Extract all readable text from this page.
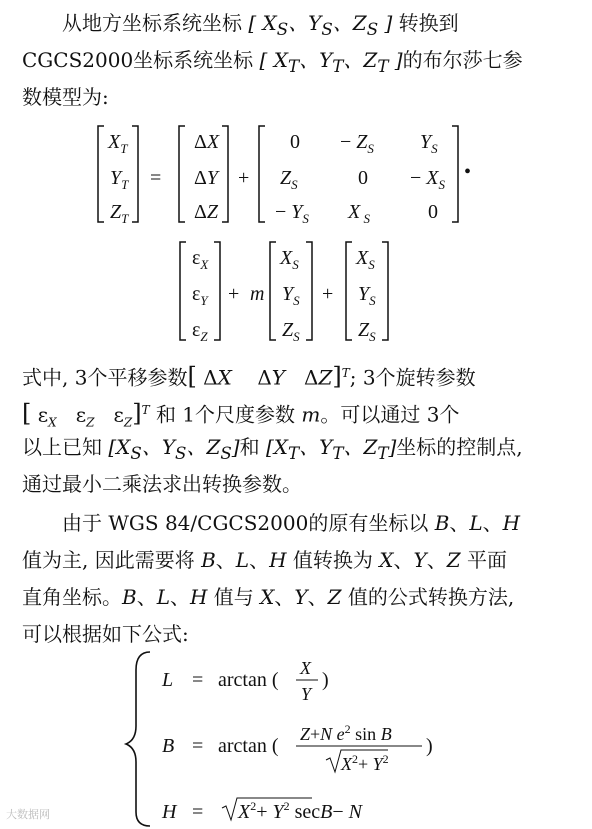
从地方坐标系统坐标 [ $X_S$、$Y_S$、$Z_S$ ] 转换到
CGCS2000坐标系统坐标 [ $X_T$、$Y_T$、$Z_T$ ]的布尔莎七参
数模型为:
$X_T$
$Y_T$
$Z_T$
=
ΔX
ΔY
ΔZ
+
$0 - Z_S$ $Y_S$
$Z_S$	$0 - X_S$
− $Y_S$ X $_S$	0
•
$\varepsilon_X$
$\varepsilon_Y$
$\varepsilon_Z$
+ m
$X_S$
$Y_S$
$Z_S$
+
$X_S$
$Y_S$
$Z_S$
式中, 3个平移参数[ ΔX    ΔY   ΔZ]$^T$; 3个旋转参数
[ $\varepsilon_X$   $\varepsilon_Z$   $\varepsilon_Z]^T$ 和 1个尺度参数 m。可以通过 3个
以上已知 [$X_S$、$Y_S$、$Z_S$]和 [$X_T$、$Y_T$、$Z_T$]坐标的控制点,
通过最小二乘法求出转换参数。
由于 WGS 84/CGCS2000的原有坐标以 B、L、H
值为主, 因此需要将 B、L、H 值转换为 X、Y、Z 平面
直角坐标。B、L、H 值与 X、Y、Z 值的公式转换方法,
可以根据如下公式:
L = arctan (
X
Y
)
B = arctan (
Z+N $e^2$ sin B
$X^2+ Y^2$
)
$H = X^2+ Y^2$ secB− N
大数据网
